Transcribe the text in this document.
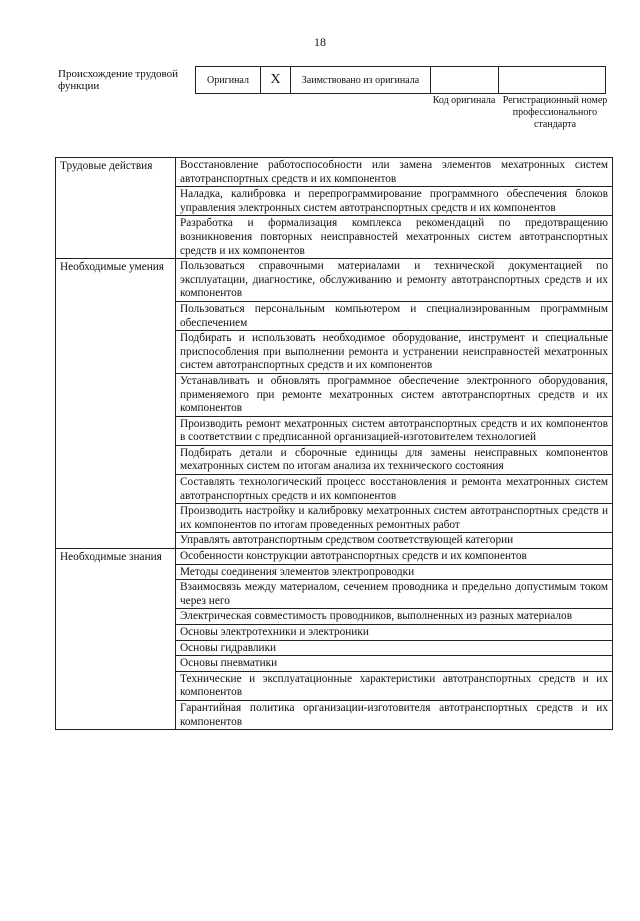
18
Происхождение трудовой функции	Оригинал	X	Заимствовано из оригинала		
Код оригинала Регистрационный номер профессионального стандарта
Трудовые действия	Восстановление работоспособности или замена элементов мехатронных систем автотранспортных средств и их компонентов
	Наладка, калибровка и перепрограммирование программного обеспечения блоков управления электронных систем автотранспортных средств и их компонентов
	Разработка и формализация комплекса рекомендаций по предотвращению возникновения повторных неисправностей мехатронных систем автотранспортных средств и их компонентов
Необходимые умения	Пользоваться справочными материалами и технической документацией по эксплуатации, диагностике, обслуживанию и ремонту автотранспортных средств и их компонентов
	Пользоваться персональным компьютером и специализированным программным обеспечением
	Подбирать и использовать необходимое оборудование, инструмент и специальные приспособления при выполнении ремонта и устранении неисправностей мехатронных систем автотранспортных средств и их компонентов
	Устанавливать и обновлять программное обеспечение электронного оборудования, применяемого при ремонте мехатронных систем автотранспортных средств и их компонентов
	Производить ремонт мехатронных систем автотранспортных средств и их компонентов в соответствии с предписанной организацией-изготовителем технологией
	Подбирать детали и сборочные единицы для замены неисправных компонентов мехатронных систем по итогам анализа их технического состояния
	Составлять технологический процесс восстановления и ремонта мехатронных систем автотранспортных средств и их компонентов
	Производить настройку и калибровку мехатронных систем автотранспортных средств и их компонентов по итогам проведенных ремонтных работ
	Управлять автотранспортным средством соответствующей категории
Необходимые знания	Особенности конструкции автотранспортных средств и их компонентов
	Методы соединения элементов электропроводки
	Взаимосвязь между материалом, сечением проводника и предельно допустимым током через него
	Электрическая совместимость проводников, выполненных из разных материалов
	Основы электротехники и электроники
	Основы гидравлики
	Основы пневматики
	Технические и эксплуатационные характеристики автотранспортных средств и их компонентов
	Гарантийная политика организации-изготовителя автотранспортных средств и их компонентов
